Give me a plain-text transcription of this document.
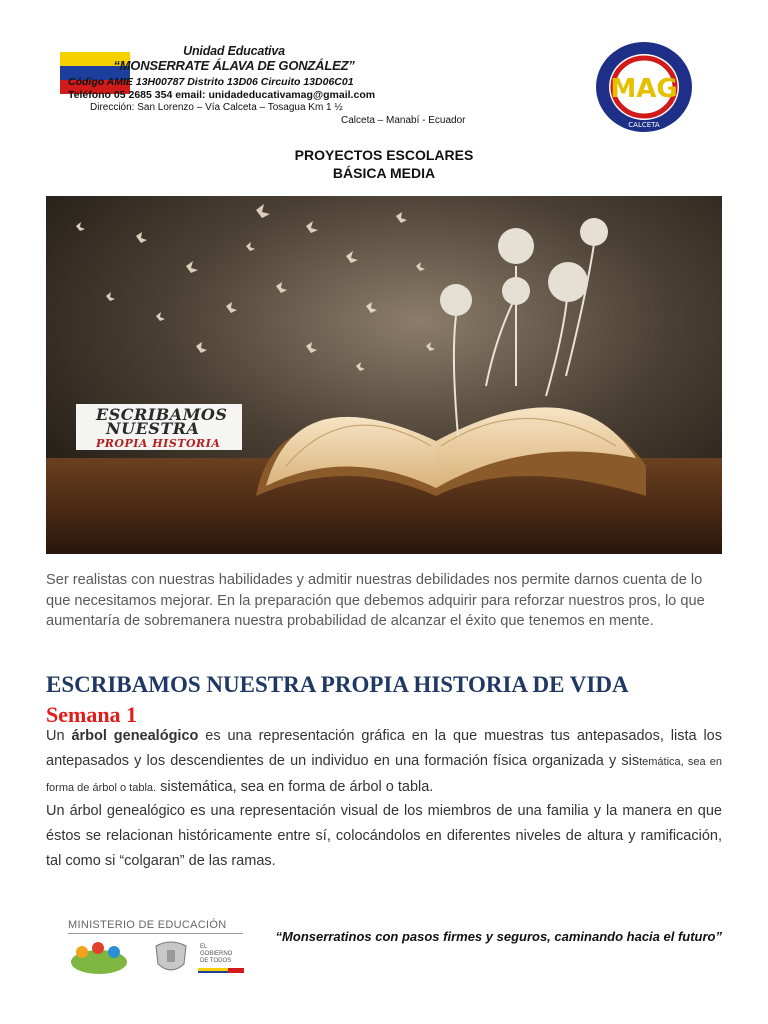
Unidad Educativa
“MONSERRATE ÁLAVA DE GONZÁLEZ”
Código AMIE 13H00787 Distrito 13D06 Circuito 13D06C01
Teléfono 05 2685 354 email: unidadeducativamag@gmail.com
Dirección: San Lorenzo – Vía Calceta – Tosagua Km 1 ½
Calceta – Manabí - Ecuador
MAG
CALCETA
PROYECTOS ESCOLARES
BÁSICA MEDIA
ESCRIBAMOS
NUESTRA
PROPIA HISTORIA
Ser realistas con nuestras habilidades y admitir nuestras debilidades nos permite darnos cuenta de lo que necesitamos mejorar. En la preparación que debemos adquirir para reforzar nuestros pros, lo que aumentaría de sobremanera nuestra probabilidad de alcanzar el éxito que tenemos en mente.
ESCRIBAMOS NUESTRA PROPIA HISTORIA DE VIDA
Semana 1
Un árbol genealógico es una representación gráfica en la que muestras tus antepasados, lista los antepasados y los descendientes de un individuo en una formación física organizada y sistemática, sea en forma de árbol o tabla. sistemática, sea en forma de árbol o tabla.
Un árbol genealógico es una representación visual de los miembros de una familia y la manera en que éstos se relacionan históricamente entre sí, colocándolos en diferentes niveles de altura y ramificación, tal como si “colgaran” de las ramas.
MINISTERIO DE EDUCACIÓN
EL
GOBIERNO
DE TODOS
“Monserratinos con pasos firmes y seguros, caminando hacia el futuro”
